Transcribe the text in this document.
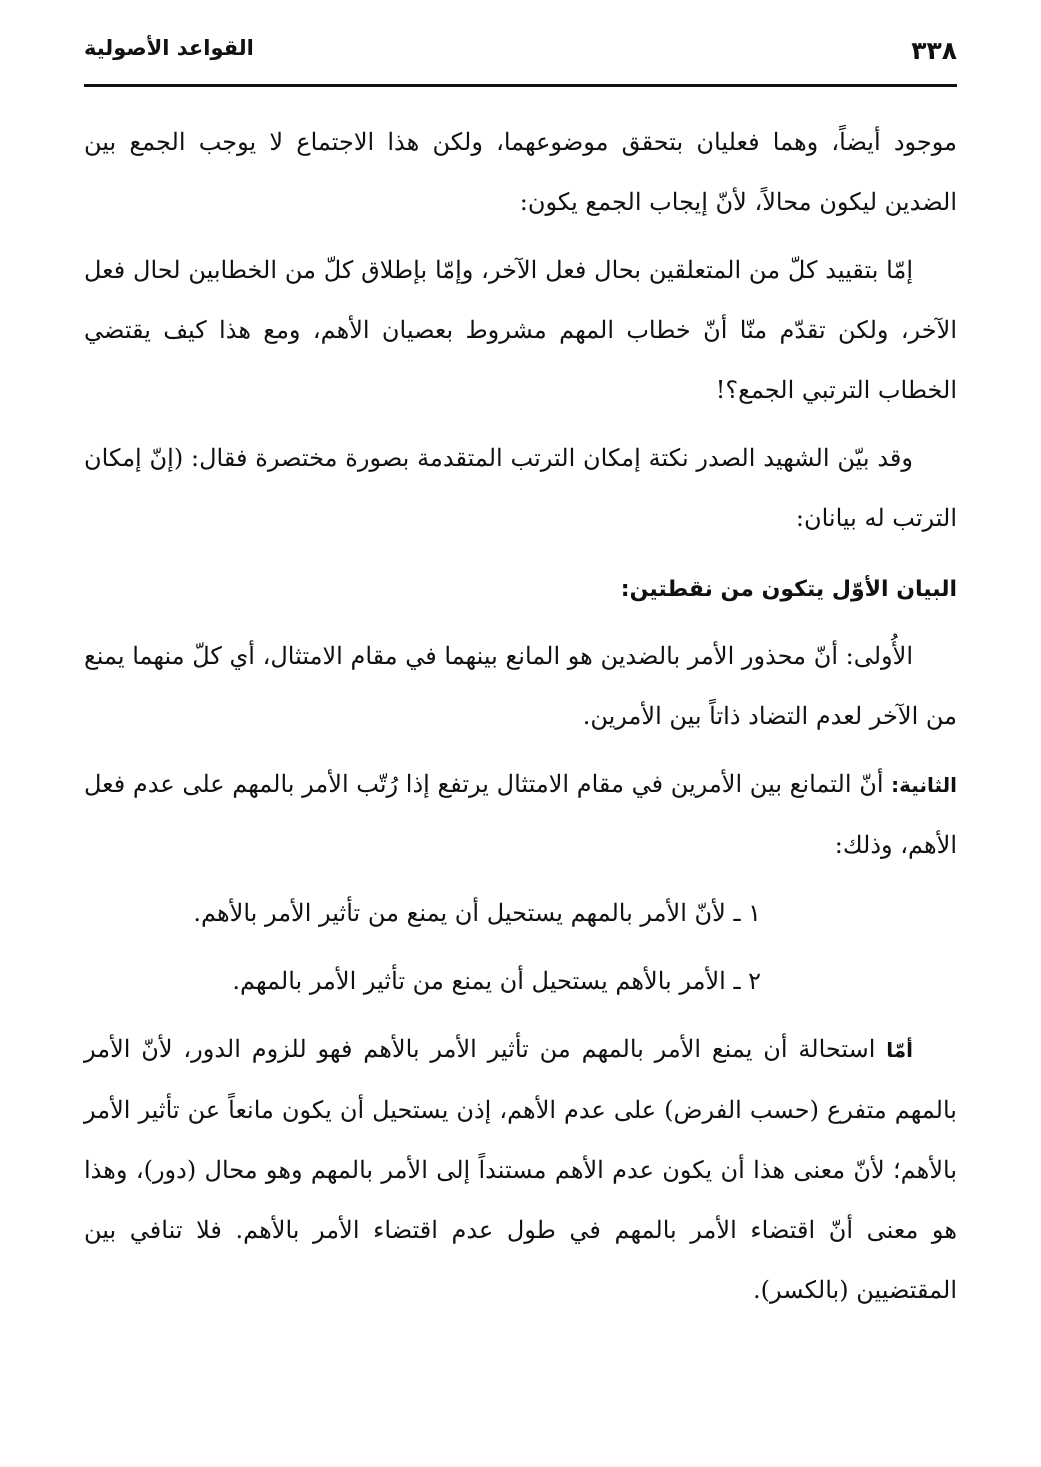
٣٣٨
القواعد الأصولية

موجود أيضاً، وهما فعليان بتحقق موضوعهما، ولكن هذا الاجتماع لا يوجب الجمع بين الضدين ليكون محالاً، لأنّ إيجاب الجمع يكون:

إمّا بتقييد كلّ من المتعلقين بحال فعل الآخر، وإمّا بإطلاق كلّ من الخطابين لحال فعل الآخر، ولكن تقدّم منّا أنّ خطاب المهم مشروط بعصيان الأهم، ومع هذا كيف يقتضي الخطاب الترتبي الجمع؟!

وقد بيّن الشهيد الصدر نكتة إمكان الترتب المتقدمة بصورة مختصرة فقال: (إنّ إمكان الترتب له بيانان:

البيان الأوّل يتكون من نقطتين:

الأُولى: أنّ محذور الأمر بالضدين هو المانع بينهما في مقام الامتثال، أي كلّ منهما يمنع من الآخر لعدم التضاد ذاتاً بين الأمرين.

الثانية: أنّ التمانع بين الأمرين في مقام الامتثال يرتفع إذا رُتّب الأمر بالمهم على عدم فعل الأهم، وذلك:

١ ـ لأنّ الأمر بالمهم يستحيل أن يمنع من تأثير الأمر بالأهم.

٢ ـ الأمر بالأهم يستحيل أن يمنع من تأثير الأمر بالمهم.

أمّا استحالة أن يمنع الأمر بالمهم من تأثير الأمر بالأهم فهو للزوم الدور، لأنّ الأمر بالمهم متفرع (حسب الفرض) على عدم الأهم، إذن يستحيل أن يكون مانعاً عن تأثير الأمر بالأهم؛ لأنّ معنى هذا أن يكون عدم الأهم مستنداً إلى الأمر بالمهم وهو محال (دور)، وهذا هو معنى أنّ اقتضاء الأمر بالمهم في طول عدم اقتضاء الأمر بالأهم. فلا تنافي بين المقتضيين (بالكسر).
